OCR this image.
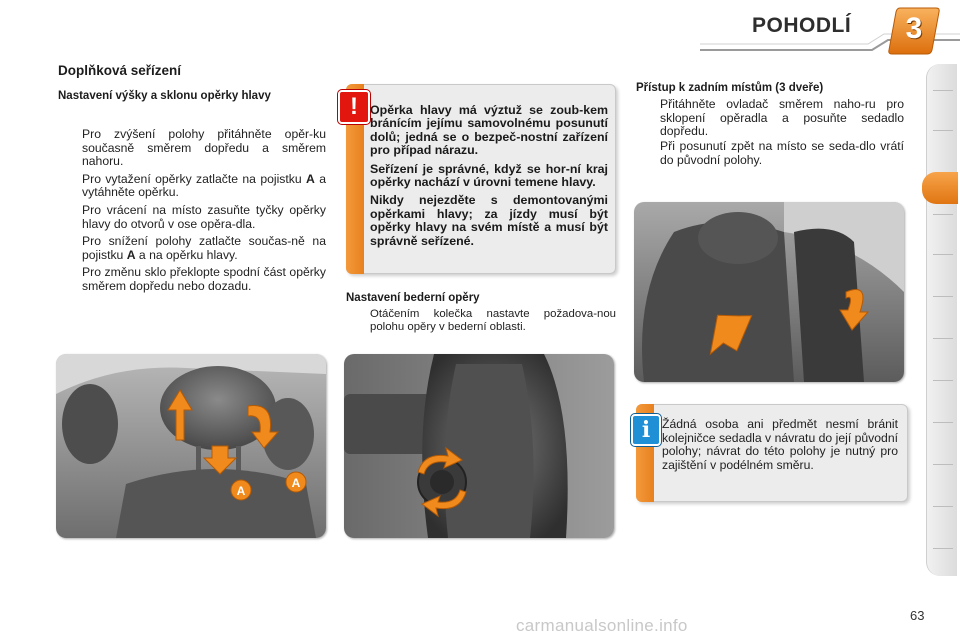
POHODLÍ	3
Doplňková seřízení
Nastavení výšky a sklonu opěrky hlavy
Pro zvýšení polohy přitáhněte opěr-ku současně směrem dopředu a směrem nahoru.
Pro vytažení opěrky zatlačte na pojistku A a vytáhněte opěrku.
Pro vrácení na místo zasuňte tyčky opěrky hlavy do otvorů v ose opěra-dla.
Pro snížení polohy zatlačte součas-ně na pojistku A a na opěrku hlavy.
Pro změnu sklo překlopte spodní část opěrky směrem dopředu nebo dozadu.
! Opěrka hlavy má výztuž se zoub-kem bránícím jejímu samovolnému posunutí dolů; jedná se o bezpeč-nostní zařízení pro případ nárazu.

Seřízení je správné, když se hor-ní kraj opěrky nachází v úrovni temene hlavy.

Nikdy nejezděte s demontovanými opěrkami hlavy; za jízdy musí být opěrky hlavy na svém místě a musí být správně seřízené.

Nastavení bederní opěry
Otáčením kolečka nastavte požadova-nou polohu opěry v bederní oblasti.
Přístup k zadním místům (3 dveře)
Přitáhněte ovladač směrem naho-ru pro sklopení opěradla a posuňte sedadlo dopředu.
Při posunutí zpět na místo se seda-dlo vrátí do původní polohy.
i Žádná osoba ani předmět nesmí bránit kolejničce sedadla v návratu do její původní polohy; návrat do této polohy je nutný pro zajištění v podélném směru.
A
A
63
carmanualsonline.info
